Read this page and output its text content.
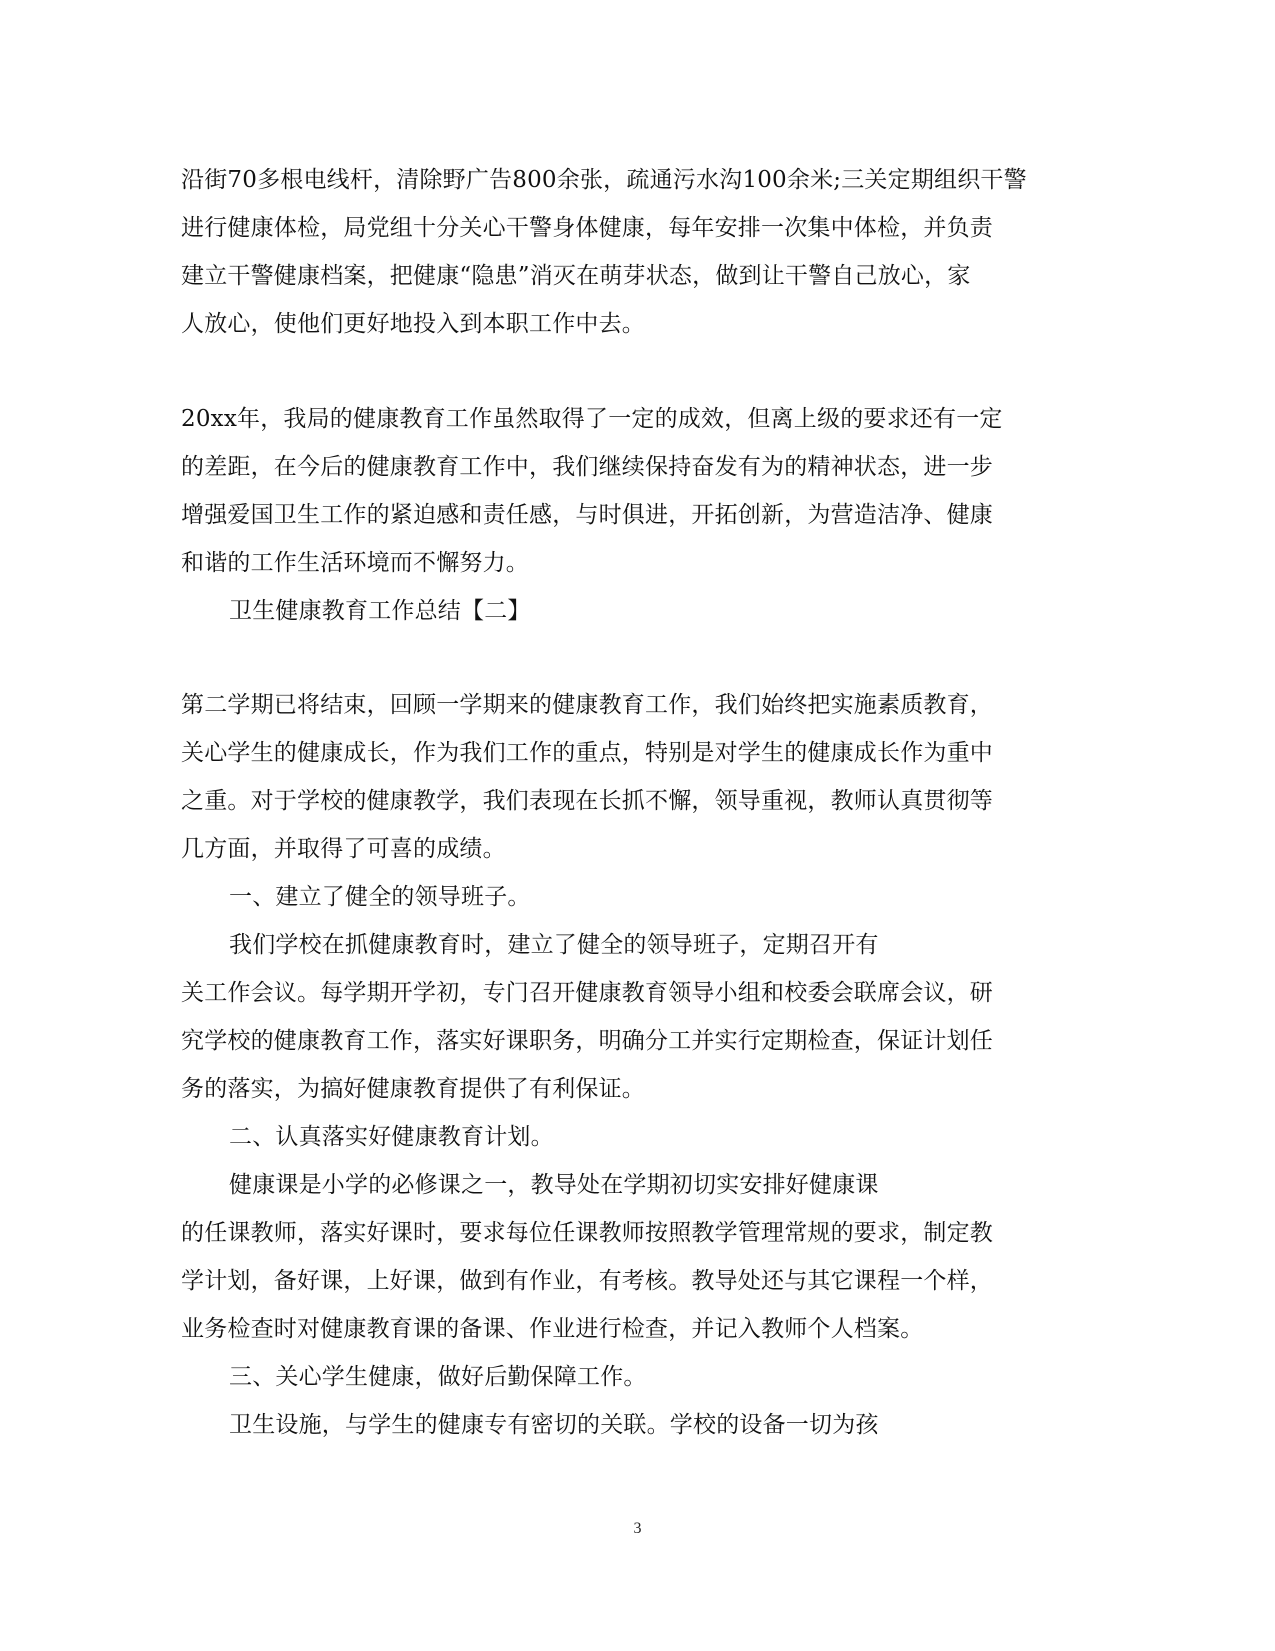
沿街70多根电线杆，清除野广告800余张，疏通污水沟100余米;三关定期组织干警
进行健康体检，局党组十分关心干警身体健康，每年安排一次集中体检，并负责
建立干警健康档案，把健康“隐患”消灭在萌芽状态，做到让干警自己放心，家
人放心，使他们更好地投入到本职工作中去。
20xx年，我局的健康教育工作虽然取得了一定的成效，但离上级的要求还有一定
的差距，在今后的健康教育工作中，我们继续保持奋发有为的精神状态，进一步
增强爱国卫生工作的紧迫感和责任感，与时俱进，开拓创新，为营造洁净、健康
和谐的工作生活环境而不懈努力。
卫生健康教育工作总结【二】
第二学期已将结束，回顾一学期来的健康教育工作，我们始终把实施素质教育，
关心学生的健康成长，作为我们工作的重点，特别是对学生的健康成长作为重中
之重。对于学校的健康教学，我们表现在长抓不懈，领导重视，教师认真贯彻等
几方面，并取得了可喜的成绩。
一、建立了健全的领导班子。
我们学校在抓健康教育时，建立了健全的领导班子，定期召开有
关工作会议。每学期开学初，专门召开健康教育领导小组和校委会联席会议，研
究学校的健康教育工作，落实好课职务，明确分工并实行定期检查，保证计划任
务的落实，为搞好健康教育提供了有利保证。
二、认真落实好健康教育计划。
健康课是小学的必修课之一，教导处在学期初切实安排好健康课
的任课教师，落实好课时，要求每位任课教师按照教学管理常规的要求，制定教
学计划，备好课，上好课，做到有作业，有考核。教导处还与其它课程一个样，
业务检查时对健康教育课的备课、作业进行检查，并记入教师个人档案。
三、关心学生健康，做好后勤保障工作。
卫生设施，与学生的健康专有密切的关联。学校的设备一切为孩
3
